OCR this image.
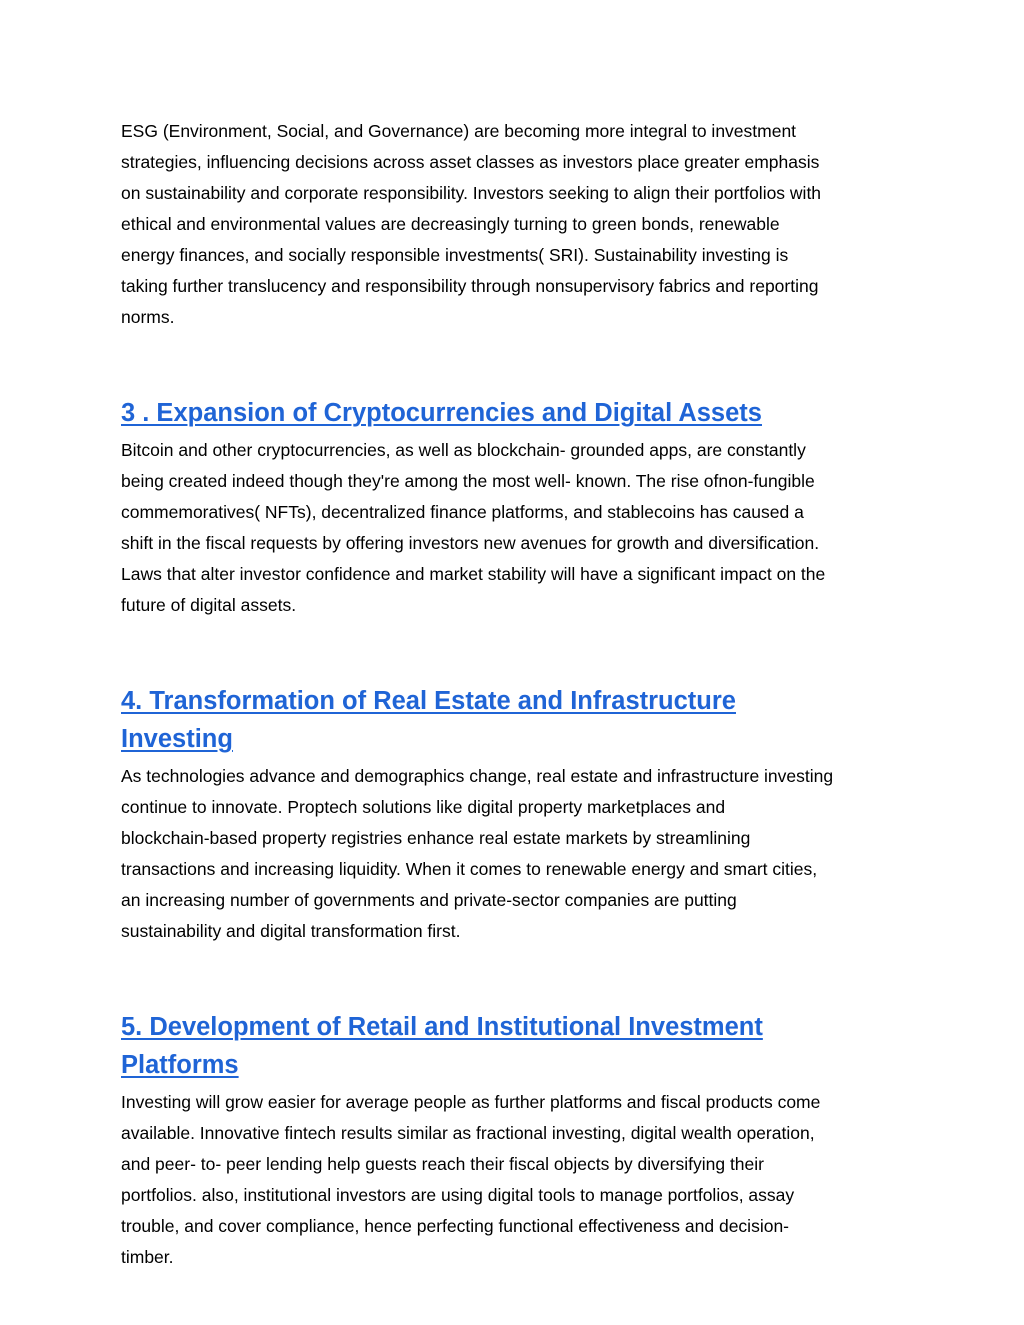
ESG (Environment, Social, and Governance) are becoming more integral to investment
strategies, influencing decisions across asset classes as investors place greater emphasis
on sustainability and corporate responsibility. Investors seeking to align their portfolios with
ethical and environmental values are decreasingly turning to green bonds, renewable
energy finances, and socially responsible investments( SRI). Sustainability investing is
taking further translucency and responsibility through nonsupervisory fabrics and reporting
norms.

3 . Expansion of Cryptocurrencies and Digital Assets

Bitcoin and other cryptocurrencies, as well as blockchain- grounded apps, are constantly
being created indeed though they're among the most well- known. The rise ofnon-fungible
commemoratives( NFTs), decentralized finance platforms, and stablecoins has caused a
shift in the fiscal requests by offering investors new avenues for growth and diversification.
Laws that alter investor confidence and market stability will have a significant impact on the
future of digital assets.

4. Transformation of Real Estate and Infrastructure
Investing

As technologies advance and demographics change, real estate and infrastructure investing
continue to innovate. Proptech solutions like digital property marketplaces and
blockchain-based property registries enhance real estate markets by streamlining
transactions and increasing liquidity. When it comes to renewable energy and smart cities,
an increasing number of governments and private-sector companies are putting
sustainability and digital transformation first.

5. Development of Retail and Institutional Investment
Platforms

Investing will grow easier for average people as further platforms and fiscal products come
available. Innovative fintech results similar as fractional investing, digital wealth operation,
and peer- to- peer lending help guests reach their fiscal objects by diversifying their
portfolios. also, institutional investors are using digital tools to manage portfolios, assay
trouble, and cover compliance, hence perfecting functional effectiveness and decision-
timber.
